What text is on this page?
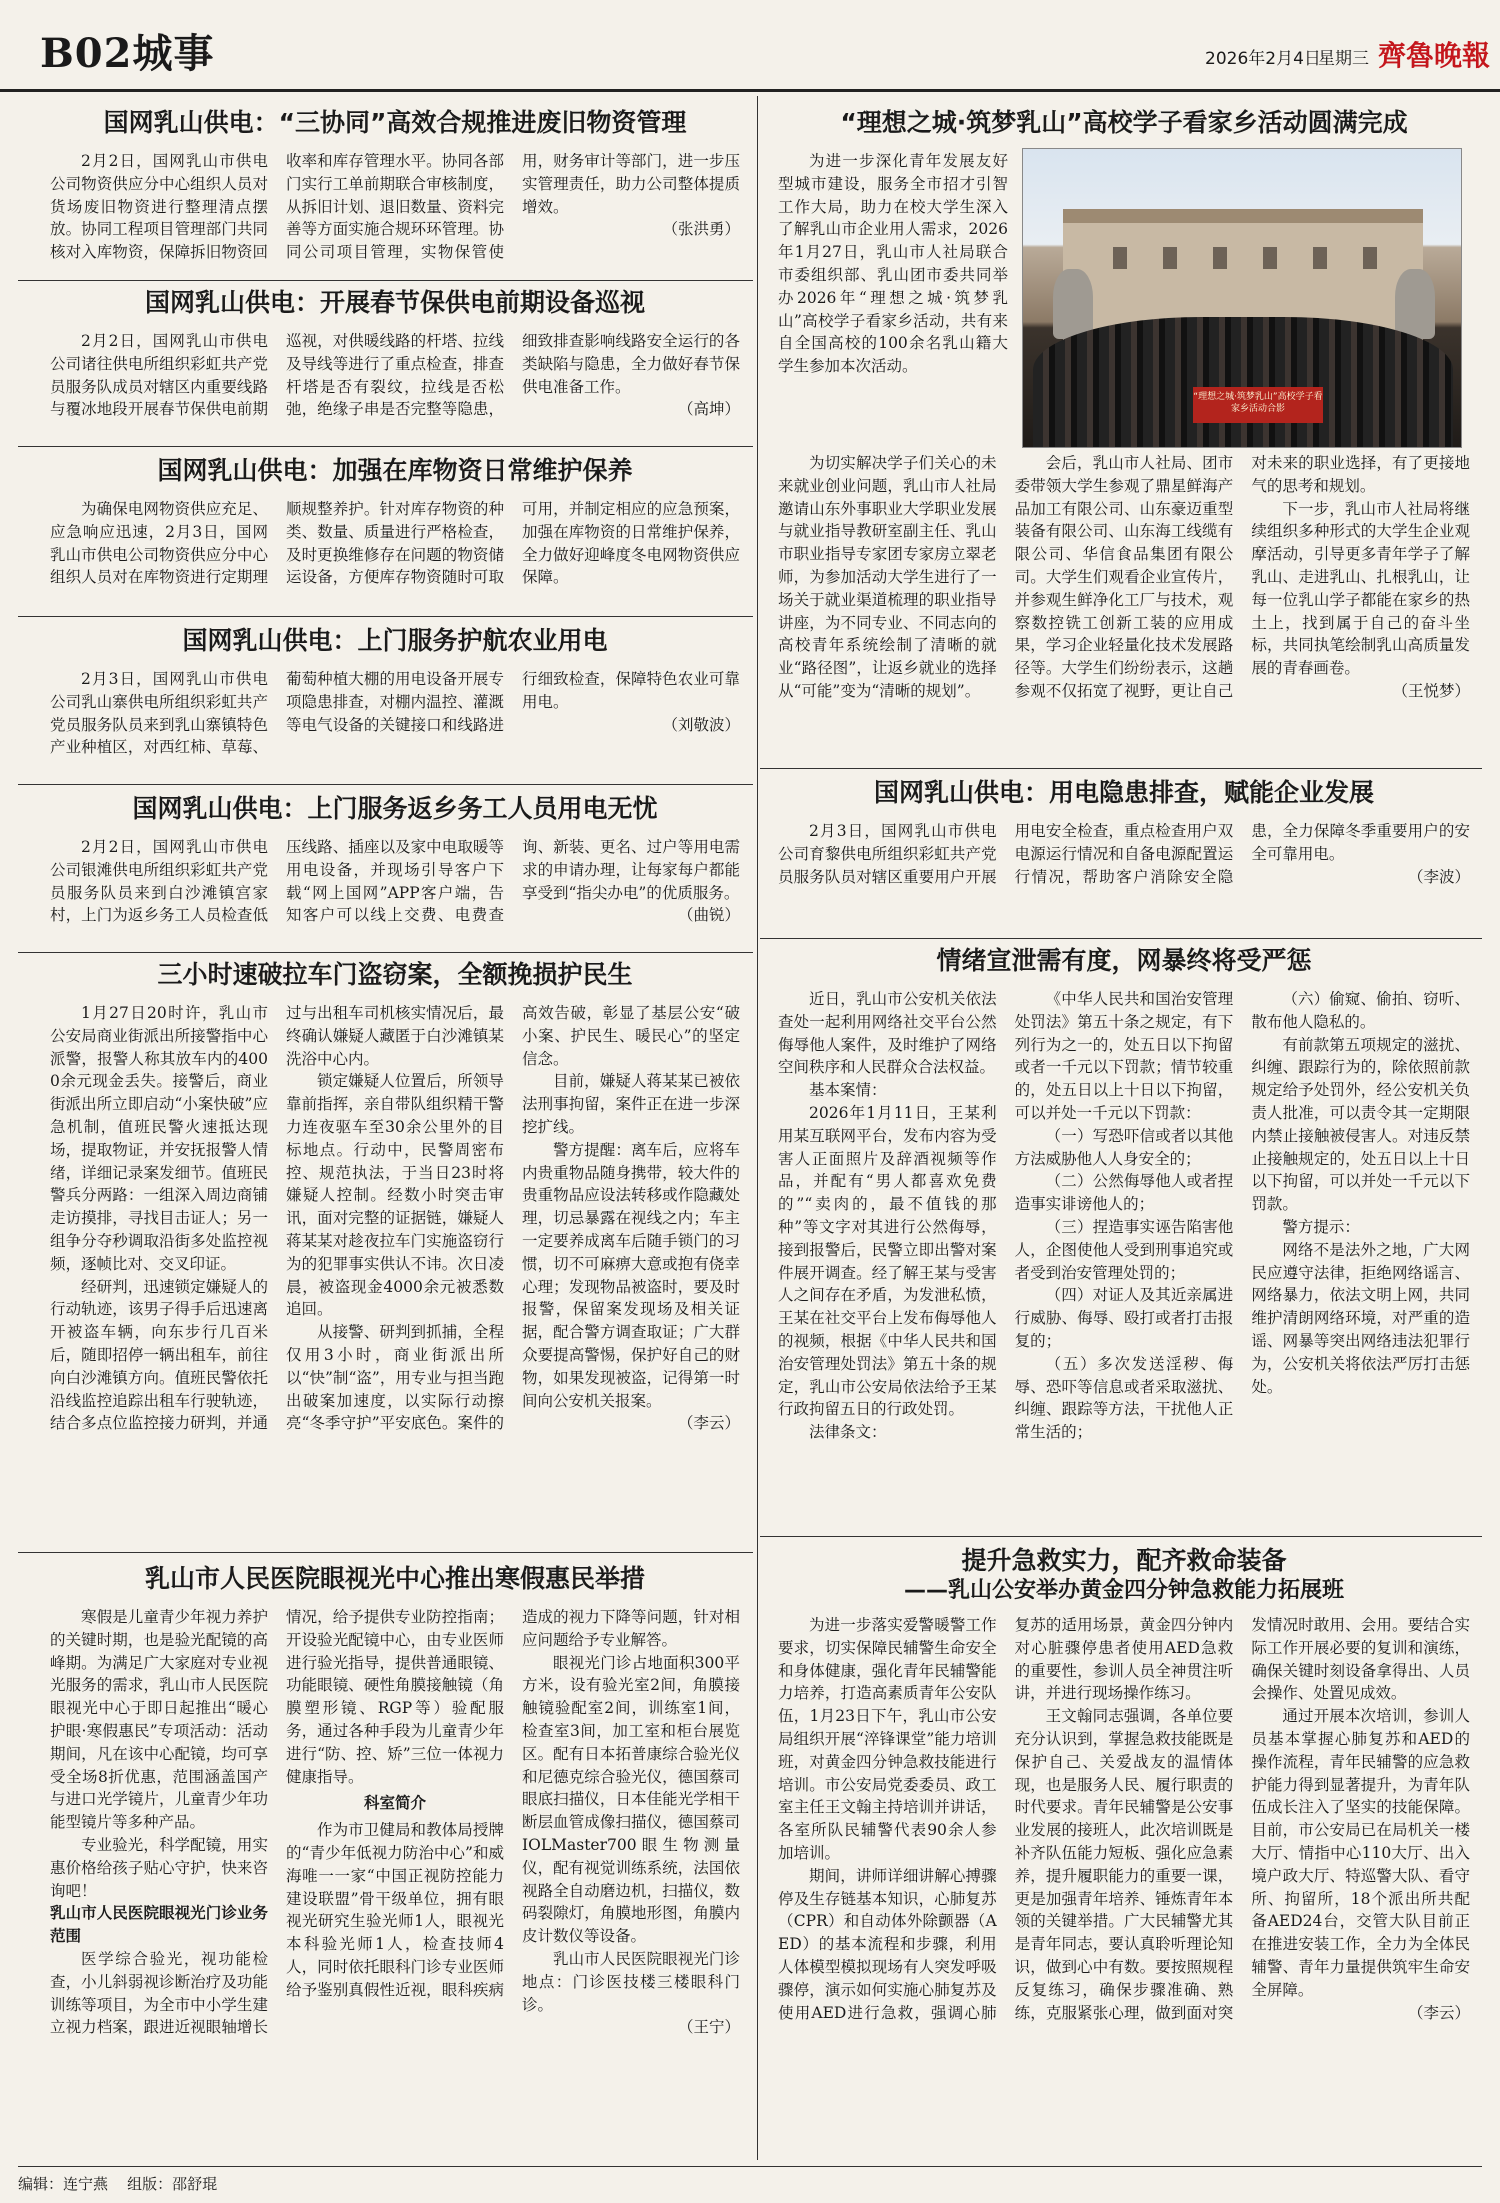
B02城事	2026年2月4日
星期三 齊魯晚報
国网乳山供电：“三协同”高效合规推进废旧物资管理

2月2日，国网乳山市供电公司物资供应分中心组织人员对货场废旧物资进行整理清点摆放。协同工程项目管理部门共同核对入库物资，保障拆旧物资回收率和库存管理水平。协同各部门实行工单前期联合审核制度，从拆旧计划、退旧数量、资料完善等方面实施合规环环管理。协同公司项目管理，实物保管使用，财务审计等部门，进一步压实管理责任，助力公司整体提质增效。

（张洪勇）
国网乳山供电：开展春节保供电前期设备巡视

2月2日，国网乳山市供电公司诸往供电所组织彩虹共产党员服务队成员对辖区内重要线路与覆冰地段开展春节保供电前期巡视，对供暖线路的杆塔、拉线及导线等进行了重点检查，排查杆塔是否有裂纹，拉线是否松弛，绝缘子串是否完整等隐患，细致排查影响线路安全运行的各类缺陷与隐患，全力做好春节保供电准备工作。

（高坤）
国网乳山供电：加强在库物资日常维护保养

为确保电网物资供应充足、应急响应迅速，2月3日，国网乳山市供电公司物资供应分中心组织人员对在库物资进行定期理顺规整养护。针对库存物资的种类、数量、质量进行严格检查，及时更换维修存在问题的物资储运设备，方便库存物资随时可取可用，并制定相应的应急预案，加强在库物资的日常维护保养，全力做好迎峰度冬电网物资供应保障。

国网乳山供电：上门服务护航农业用电

2月3日，国网乳山市供电公司乳山寨供电所组织彩虹共产党员服务队员来到乳山寨镇特色产业种植区，对西红柿、草莓、葡萄种植大棚的用电设备开展专项隐患排查，对棚内温控、灌溉等电气设备的关键接口和线路进行细致检查，保障特色农业可靠用电。

（刘敬波）
国网乳山供电：上门服务返乡务工人员用电无忧

2月2日，国网乳山市供电公司银滩供电所组织彩虹共产党员服务队员来到白沙滩镇宫家村，上门为返乡务工人员检查低压线路、插座以及家中电取暖等用电设备，并现场引导客户下载“网上国网”APP客户端，告知客户可以线上交费、电费查询、新装、更名、过户等用电需求的申请办理，让每家每户都能享受到“指尖办电”的优质服务。

（曲锐）
三小时速破拉车门盗窃案，全额挽损护民生

1月27日20时许，乳山市公安局商业街派出所接警指中心派警，报警人称其放车内的4000余元现金丢失。接警后，商业街派出所立即启动“小案快破”应急机制，值班民警火速抵达现场，提取物证，并安抚报警人情绪，详细记录案发细节。值班民警兵分两路：一组深入周边商铺走访摸排，寻找目击证人；另一组争分夺秒调取沿街多处监控视频，逐帧比对、交叉印证。

经研判，迅速锁定嫌疑人的行动轨迹，该男子得手后迅速离开被盗车辆，向东步行几百米后，随即招停一辆出租车，前往向白沙滩镇方向。值班民警依托沿线监控追踪出租车行驶轨迹，结合多点位监控接力研判，并通过与出租车司机核实情况后，最终确认嫌疑人藏匿于白沙滩镇某洗浴中心内。

锁定嫌疑人位置后，所领导靠前指挥，亲自带队组织精干警力连夜驱车至30余公里外的目标地点。行动中，民警周密布控、规范执法，于当日23时将嫌疑人控制。经数小时突击审讯，面对完整的证据链，嫌疑人蒋某某对趁夜拉车门实施盗窃行为的犯罪事实供认不讳。次日凌晨，被盗现金4000余元被悉数追回。

从接警、研判到抓捕，全程仅用3小时，商业街派出所以“快”制“盗”，用专业与担当跑出破案加速度，以实际行动擦亮“冬季守护”平安底色。案件的高效告破，彰显了基层公安“破小案、护民生、暖民心”的坚定信念。

目前，嫌疑人蒋某某已被依法刑事拘留，案件正在进一步深挖扩线。

警方提醒：离车后，应将车内贵重物品随身携带，较大件的贵重物品应设法转移或作隐藏处理，切忌暴露在视线之内；车主一定要养成离车后随手锁门的习惯，切不可麻痹大意或抱有侥幸心理；发现物品被盗时，要及时报警，保留案发现场及相关证据，配合警方调查取证；广大群众要提高警惕，保护好自己的财物，如果发现被盗，记得第一时间向公安机关报案。

（李云）
乳山市人民医院眼视光中心推出寒假惠民举措

寒假是儿童青少年视力养护的关键时期，也是验光配镜的高峰期。为满足广大家庭对专业视光服务的需求，乳山市人民医院眼视光中心于即日起推出“暖心护眼·寒假惠民”专项活动：活动期间，凡在该中心配镜，均可享受全场8折优惠，范围涵盖国产与进口光学镜片，儿童青少年功能型镜片等多种产品。

专业验光，科学配镜，用实惠价格给孩子贴心守护，快来咨询吧！

乳山市人民医院眼视光门诊业务范围

医学综合验光，视功能检查，小儿斜弱视诊断治疗及功能训练等项目，为全市中小学生建立视力档案，跟进近视眼轴增长情况，给予提供专业防控指南；开设验光配镜中心，由专业医师进行验光指导，提供普通眼镜、功能眼镜、硬性角膜接触镜（角膜塑形镜、RGP等）验配服务，通过各种手段为儿童青少年进行“防、控、矫”三位一体视力健康指导。

科室简介

作为市卫健局和教体局授牌的“青少年低视力防治中心”和威海唯一一家“中国正视防控能力建设联盟”骨干级单位，拥有眼视光研究生验光师1人，眼视光本科验光师1人，检查技师4人，同时依托眼科门诊专业医师给予鉴别真假性近视，眼科疾病造成的视力下降等问题，针对相应问题给予专业解答。

眼视光门诊占地面积300平方米，设有验光室2间，角膜接触镜验配室2间，训练室1间，检查室3间，加工室和柜台展览区。配有日本拓普康综合验光仪和尼德克综合验光仪，德国蔡司眼底扫描仪，日本佳能光学相干断层血管成像扫描仪，德国蔡司IOLMaster700眼生物测量仪，配有视觉训练系统，法国依视路全自动磨边机，扫描仪，数码裂隙灯，角膜地形图，角膜内皮计数仪等设备。

乳山市人民医院眼视光门诊地点：门诊医技楼三楼眼科门诊。

（王宁）
“理想之城·筑梦乳山”高校学子看家乡活动圆满完成

为进一步深化青年发展友好型城市建设，服务全市招才引智工作大局，助力在校大学生深入了解乳山市企业用人需求，2026年1月27日，乳山市人社局联合市委组织部、乳山团市委共同举办2026年“理想之城·筑梦乳山”高校学子看家乡活动，共有来自全国高校的100余名乳山籍大学生参加本次活动。

为切实解决学子们关心的未来就业创业问题，乳山市人社局邀请山东外事职业大学职业发展与就业指导教研室副主任、乳山市职业指导专家团专家房立翠老师，为参加活动大学生进行了一场关于就业渠道梳理的职业指导讲座，为不同专业、不同志向的高校青年系统绘制了清晰的就业“路径图”，让返乡就业的选择从“可能”变为“清晰的规划”。

会后，乳山市人社局、团市委带领大学生参观了鼎星鲜海产品加工有限公司、山东豪迈重型装备有限公司、山东海工线缆有限公司、华信食品集团有限公司。大学生们观看企业宣传片，并参观生鲜净化工厂与技术，观察数控铣工创新工装的应用成果，学习企业轻量化技术发展路径等。大学生们纷纷表示，这趟参观不仅拓宽了视野，更让自己对未来的职业选择，有了更接地气的思考和规划。

下一步，乳山市人社局将继续组织多种形式的大学生企业观摩活动，引导更多青年学子了解乳山、走进乳山、扎根乳山，让每一位乳山学子都能在家乡的热土上，找到属于自己的奋斗坐标，共同执笔绘制乳山高质量发展的青春画卷。

（王悦梦）
“理想之城·筑梦乳山”高校学子看家乡活动合影
国网乳山供电：用电隐患排查，赋能企业发展

2月3日，国网乳山市供电公司育黎供电所组织彩虹共产党员服务队员对辖区重要用户开展用电安全检查，重点检查用户双电源运行情况和自备电源配置运行情况，帮助客户消除安全隐患，全力保障冬季重要用户的安全可靠用电。

（李波）
情绪宣泄需有度，网暴终将受严惩

近日，乳山市公安机关依法查处一起利用网络社交平台公然侮辱他人案件，及时维护了网络空间秩序和人民群众合法权益。

基本案情：

2026年1月11日，王某利用某互联网平台，发布内容为受害人正面照片及辞酒视频等作品，并配有“男人都喜欢免费的”“卖肉的，最不值钱的那种”等文字对其进行公然侮辱，接到报警后，民警立即出警对案件展开调查。经了解王某与受害人之间存在矛盾，为发泄私愤，王某在社交平台上发布侮辱他人的视频，根据《中华人民共和国治安管理处罚法》第五十条的规定，乳山市公安局依法给予王某行政拘留五日的行政处罚。

法律条文：

《中华人民共和国治安管理处罚法》第五十条之规定，有下列行为之一的，处五日以下拘留或者一千元以下罚款；情节较重的，处五日以上十日以下拘留，可以并处一千元以下罚款：

（一）写恐吓信或者以其他方法威胁他人人身安全的；

（二）公然侮辱他人或者捏造事实诽谤他人的；

（三）捏造事实诬告陷害他人，企图使他人受到刑事追究或者受到治安管理处罚的；

（四）对证人及其近亲属进行威胁、侮辱、殴打或者打击报复的；

（五）多次发送淫秽、侮辱、恐吓等信息或者采取滋扰、纠缠、跟踪等方法，干扰他人正常生活的；

（六）偷窥、偷拍、窃听、散布他人隐私的。

有前款第五项规定的滋扰、纠缠、跟踪行为的，除依照前款规定给予处罚外，经公安机关负责人批准，可以责令其一定期限内禁止接触被侵害人。对违反禁止接触规定的，处五日以上十日以下拘留，可以并处一千元以下罚款。

警方提示：

网络不是法外之地，广大网民应遵守法律，拒绝网络谣言、网络暴力，依法文明上网，共同维护清朗网络环境，对严重的造谣、网暴等突出网络违法犯罪行为，公安机关将依法严厉打击惩处。

提升急救实力，配齐救命装备
——乳山公安举办黄金四分钟急救能力拓展班

为进一步落实爱警暖警工作要求，切实保障民辅警生命安全和身体健康，强化青年民辅警能力培养，打造高素质青年公安队伍，1月23日下午，乳山市公安局组织开展“淬锋课堂”能力培训班，对黄金四分钟急救技能进行培训。市公安局党委委员、政工室主任王文翰主持培训并讲话，各室所队民辅警代表90余人参加培训。

期间，讲师详细讲解心搏骤停及生存链基本知识，心肺复苏（CPR）和自动体外除颤器（AED）的基本流程和步骤，利用人体模型模拟现场有人突发呼吸骤停，演示如何实施心肺复苏及使用AED进行急救，强调心肺复苏的适用场景，黄金四分钟内对心脏骤停患者使用AED急救的重要性，参训人员全神贯注听讲，并进行现场操作练习。

王文翰同志强调，各单位要充分认识到，掌握急救技能既是保护自己、关爱战友的温情体现，也是服务人民、履行职责的时代要求。青年民辅警是公安事业发展的接班人，此次培训既是补齐队伍能力短板、强化应急素养，提升履职能力的重要一课，更是加强青年培养、锤炼青年本领的关键举措。广大民辅警尤其是青年同志，要认真聆听理论知识，做到心中有数。要按照规程反复练习，确保步骤准确、熟练，克服紧张心理，做到面对突发情况时敢用、会用。要结合实际工作开展必要的复训和演练，确保关键时刻设备拿得出、人员会操作、处置见成效。

通过开展本次培训，参训人员基本掌握心肺复苏和AED的操作流程，青年民辅警的应急救护能力得到显著提升，为青年队伍成长注入了坚实的技能保障。目前，市公安局已在局机关一楼大厅、情指中心110大厅、出入境户政大厅、特巡警大队、看守所、拘留所，18个派出所共配备AED24台，交管大队目前正在推进安装工作，全力为全体民辅警、青年力量提供筑牢生命安全屏障。

（李云）
编辑：连宁燕 组版：邵舒琨
